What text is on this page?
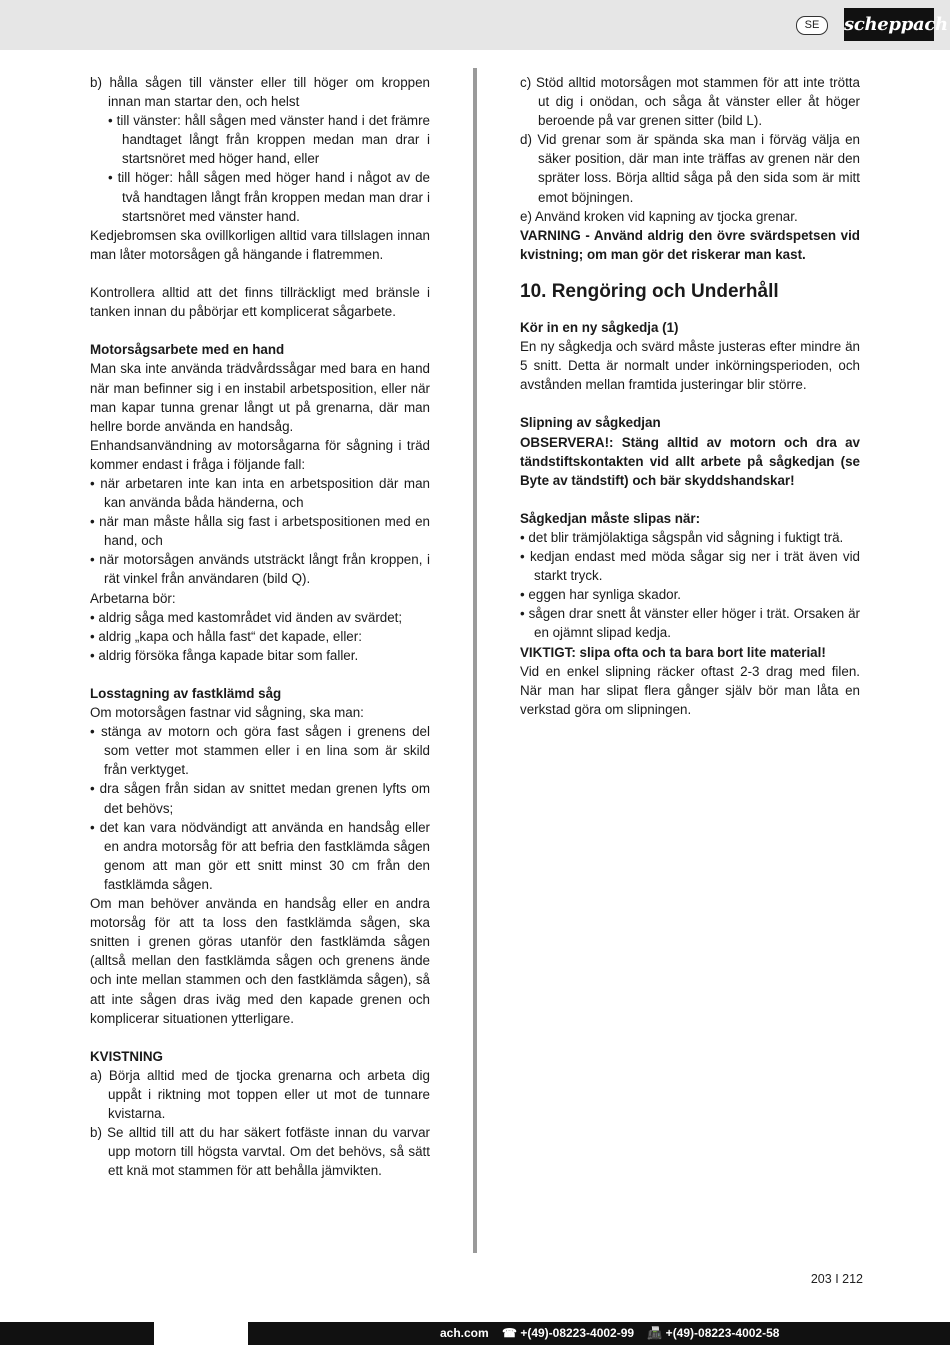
SE	scheppach

b) hålla sågen till vänster eller till höger om kroppen innan man startar den, och helst

• till vänster: håll sågen med vänster hand i det främre handtaget långt från kroppen medan man drar i startsnöret med höger hand, eller

• till höger: håll sågen med höger hand i något av de två handtagen långt från kroppen medan man drar i startsnöret med vänster hand.

Kedjebromsen ska ovillkorligen alltid vara tillslagen innan man låter motorsågen gå hängande i flatremmen.

Kontrollera alltid att det finns tillräckligt med bränsle i tanken innan du påbörjar ett komplicerat sågarbete.

Motorsågsarbete med en hand

Man ska inte använda trädvårdssågar med bara en hand när man befinner sig i en instabil arbetsposition, eller när man kapar tunna grenar långt ut på grenarna, där man hellre borde använda en handsåg.

Enhandsanvändning av motorsågarna för sågning i träd kommer endast i fråga i följande fall:

• när arbetaren inte kan inta en arbetsposition där man kan använda båda händerna, och

• när man måste hålla sig fast i arbetspositionen med en hand, och

• när motorsågen används utsträckt långt från kroppen, i rät vinkel från användaren (bild Q).

Arbetarna bör:

• aldrig såga med kastområdet vid änden av svärdet;

• aldrig „kapa och hålla fast“ det kapade, eller:

• aldrig försöka fånga kapade bitar som faller.

Losstagning av fastklämd såg

Om motorsågen fastnar vid sågning, ska man:

• stänga av motorn och göra fast sågen i grenens del som vetter mot stammen eller i en lina som är skild från verktyget.

• dra sågen från sidan av snittet medan grenen lyfts om det behövs;

• det kan vara nödvändigt att använda en handsåg eller en andra motorsåg för att befria den fastklämda sågen genom att man gör ett snitt minst 30 cm från den fastklämda sågen.

Om man behöver använda en handsåg eller en andra motorsåg för att ta loss den fastklämda sågen, ska snitten i grenen göras utanför den fastklämda sågen (alltså mellan den fastklämda sågen och grenens ände och inte mellan stammen och den fastklämda sågen), så att inte sågen dras iväg med den kapade grenen och komplicerar situationen ytterligare.

KVISTNING

a) Börja alltid med de tjocka grenarna och arbeta dig uppåt i riktning mot toppen eller ut mot de tunnare kvistarna.

b) Se alltid till att du har säkert fotfäste innan du varvar upp motorn till högsta varvtal. Om det behövs, så sätt ett knä mot stammen för att behålla jämvikten.

c) Stöd alltid motorsågen mot stammen för att inte trötta ut dig i onödan, och såga åt vänster eller åt höger beroende på var grenen sitter (bild L).

d) Vid grenar som är spända ska man i förväg välja en säker position, där man inte träffas av grenen när den spräter loss. Börja alltid såga på den sida som är mitt emot böjningen.

e) Använd kroken vid kapning av tjocka grenar.

VARNING - Använd aldrig den övre svärdspetsen vid kvistning; om man gör det riskerar man kast.

10. Rengöring och Underhåll

Kör in en ny sågkedja (1)

En ny sågkedja och svärd måste justeras efter mindre än 5 snitt. Detta är normalt under inkörningsperioden, och avstånden mellan framtida justeringar blir större.

Slipning av sågkedjan

OBSERVERA!: Stäng alltid av motorn och dra av tändstiftskontakten vid allt arbete på sågkedjan (se Byte av tändstift) och bär skyddshandskar!

Sågkedjan måste slipas när:

• det blir trämjölaktiga sågspån vid sågning i fuktigt trä.

• kedjan endast med möda sågar sig ner i trät även vid starkt tryck.

• eggen har synliga skador.

• sågen drar snett åt vänster eller höger i trät. Orsaken är en ojämnt slipad kedja.

VIKTIGT: slipa ofta och ta bara bort lite material!

Vid en enkel slipning räcker oftast 2-3 drag med filen. När man har slipat flera gånger själv bör man låta en verkstad göra om slipningen.

203 I 212
ach.com ☎ +(49)-08223-4002-99 📠 +(49)-08223-4002-58
